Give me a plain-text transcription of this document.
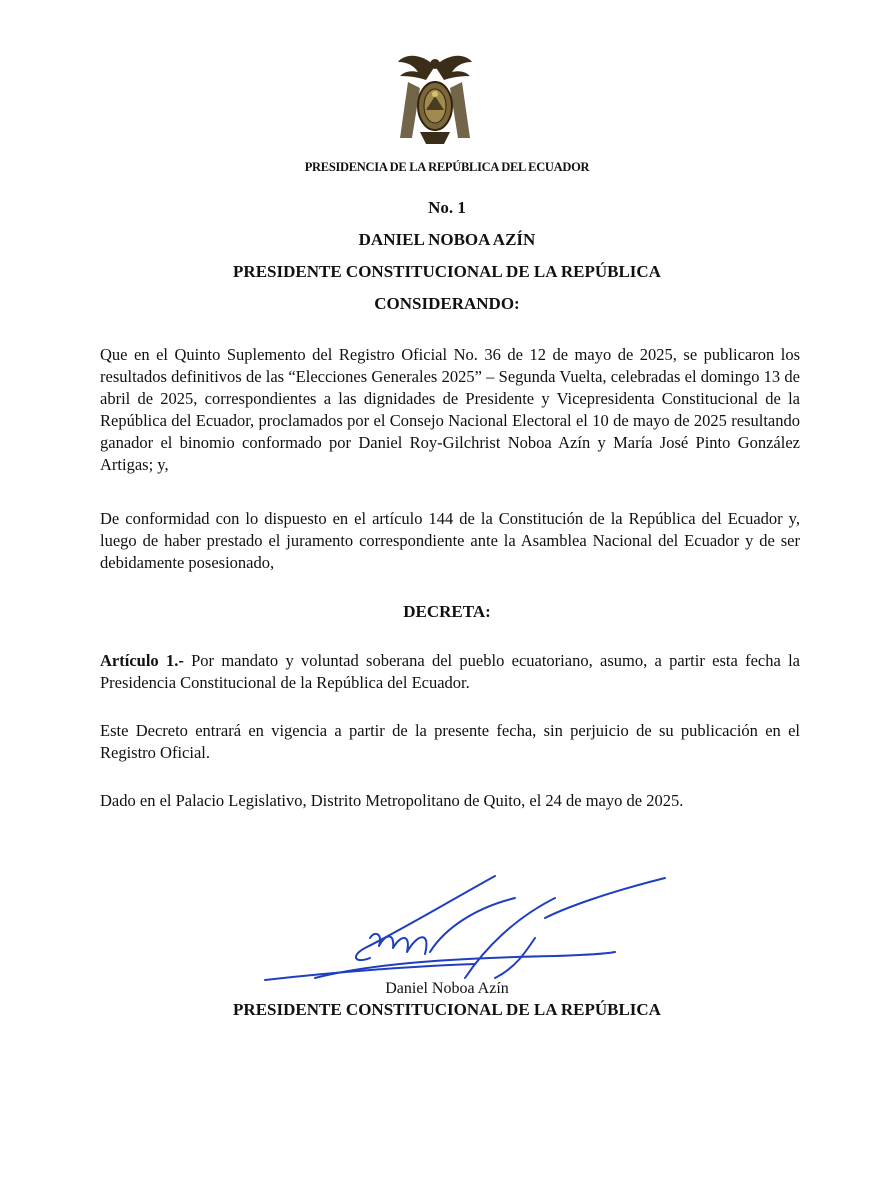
PRESIDENCIA DE LA REPÚBLICA DEL ECUADOR
No. 1
DANIEL NOBOA AZÍN
PRESIDENTE CONSTITUCIONAL DE LA REPÚBLICA
CONSIDERANDO:
Que en el Quinto Suplemento del Registro Oficial No. 36 de 12 de mayo de 2025, se publicaron los resultados definitivos de las “Elecciones Generales 2025” – Segunda Vuelta, celebradas el domingo 13 de abril de 2025, correspondientes a las dignidades de Presidente y Vicepresidenta Constitucional de la República del Ecuador, proclamados por el Consejo Nacional Electoral el 10 de mayo de 2025 resultando ganador el binomio conformado por Daniel Roy-Gilchrist Noboa Azín y María José Pinto González Artigas; y,
De conformidad con lo dispuesto en el artículo 144 de la Constitución de la República del Ecuador y, luego de haber prestado el juramento correspondiente ante la Asamblea Nacional del Ecuador y de ser debidamente posesionado,
DECRETA:
Artículo 1.- Por mandato y voluntad soberana del pueblo ecuatoriano, asumo, a partir esta fecha la Presidencia Constitucional de la República del Ecuador.
Este Decreto entrará en vigencia a partir de la presente fecha, sin perjuicio de su publicación en el Registro Oficial.
Dado en el Palacio Legislativo, Distrito Metropolitano de Quito, el 24 de mayo de 2025.
Daniel Noboa Azín
PRESIDENTE CONSTITUCIONAL DE LA REPÚBLICA
